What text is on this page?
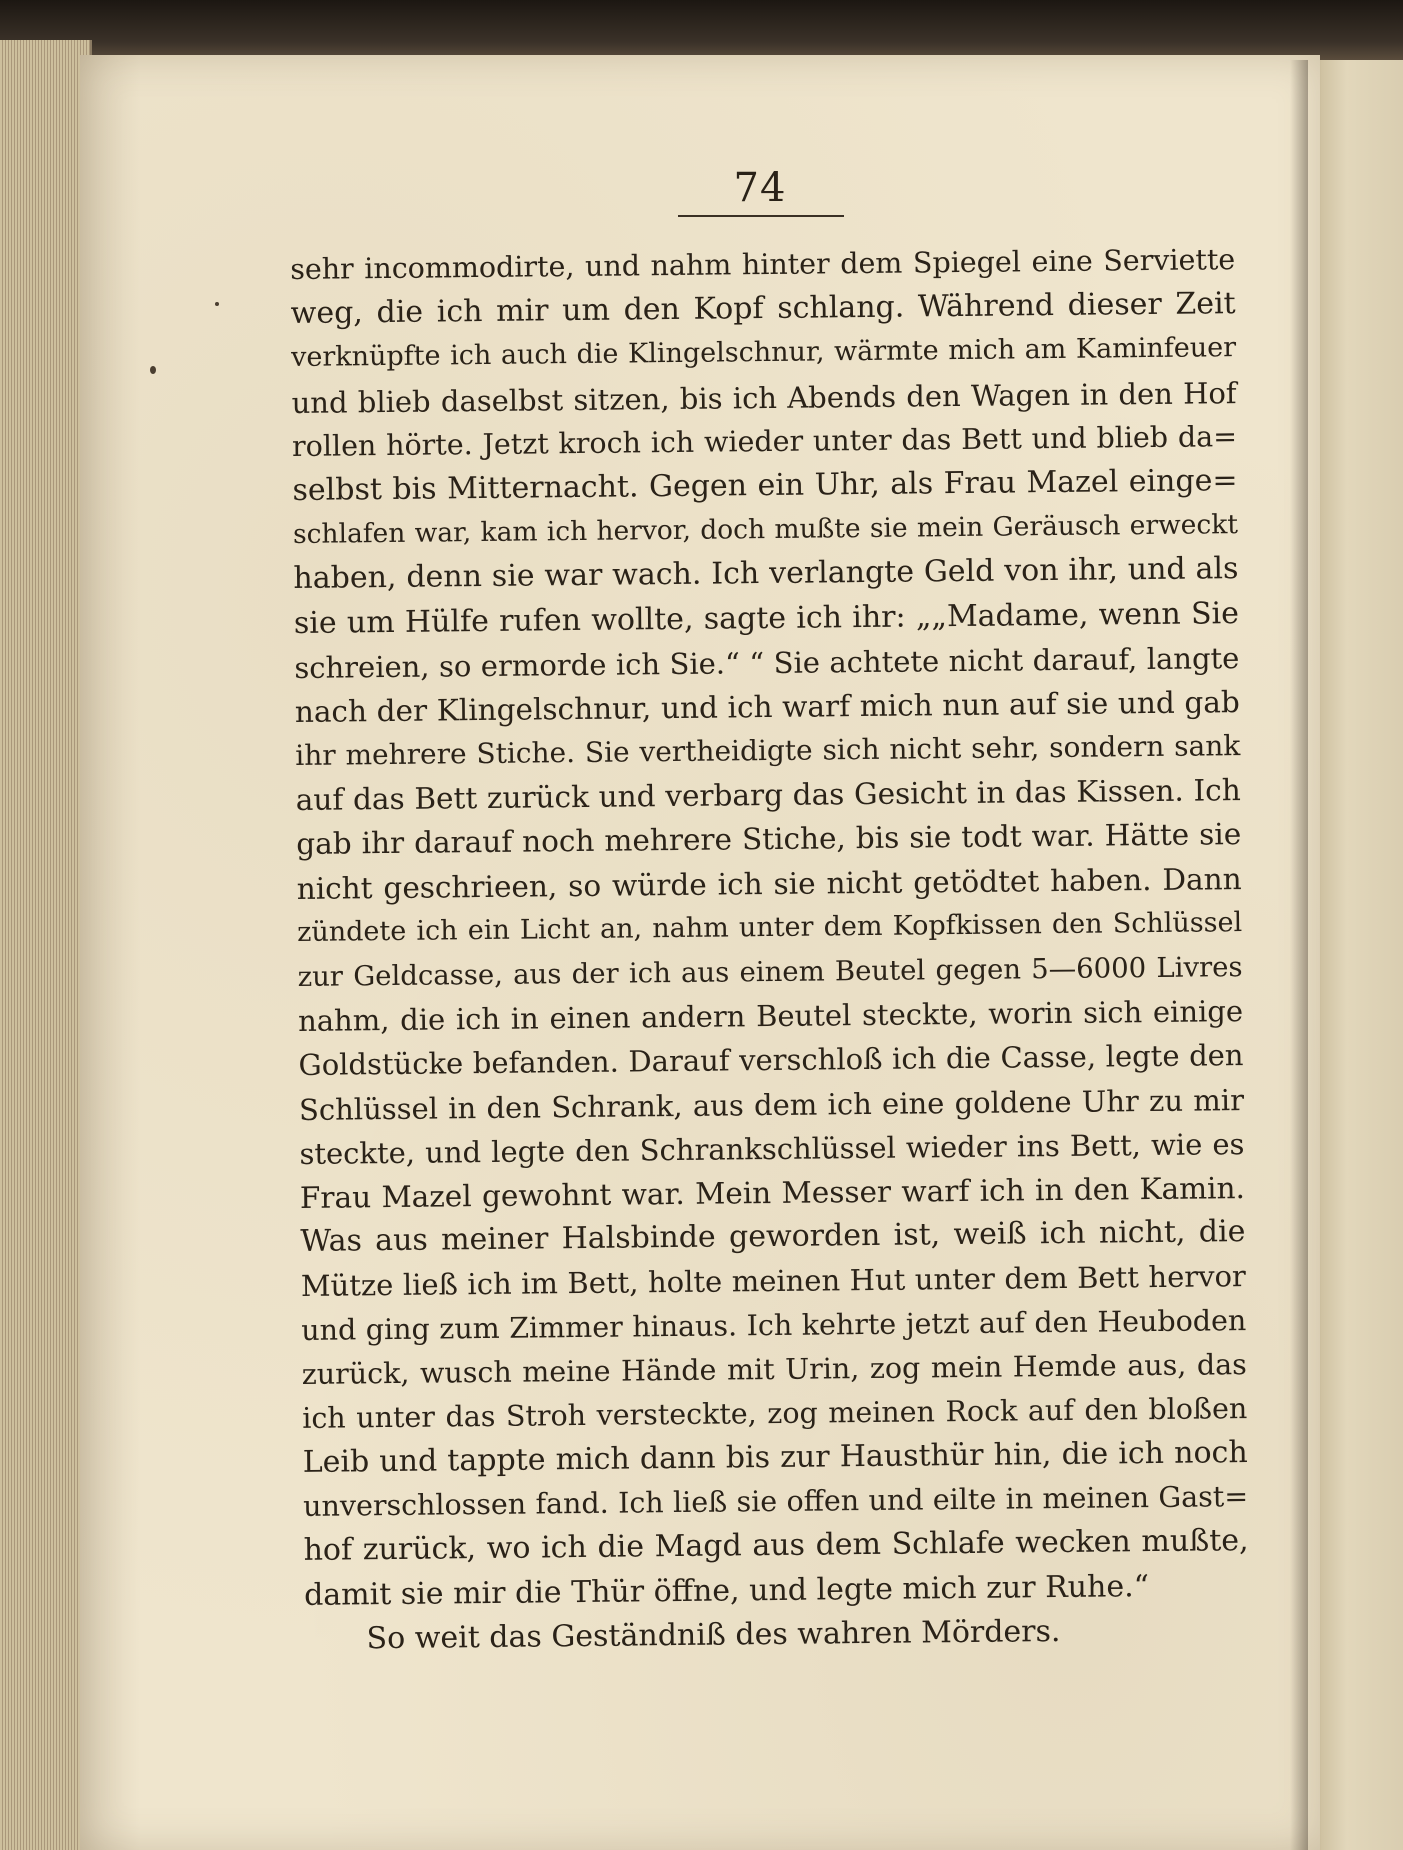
74
sehr incommodirte, und nahm hinter dem Spiegel eine Serviette
weg, die ich mir um den Kopf schlang. Während dieser Zeit
verknüpfte ich auch die Klingelschnur, wärmte mich am Kaminfeuer
und blieb daselbst sitzen, bis ich Abends den Wagen in den Hof
rollen hörte. Jetzt kroch ich wieder unter das Bett und blieb da=
selbst bis Mitternacht. Gegen ein Uhr, als Frau Mazel einge=
schlafen war, kam ich hervor, doch mußte sie mein Geräusch erweckt
haben, denn sie war wach. Ich verlangte Geld von ihr, und als
sie um Hülfe rufen wollte, sagte ich ihr: „„Madame, wenn Sie
schreien, so ermorde ich Sie.“ “ Sie achtete nicht darauf, langte
nach der Klingelschnur, und ich warf mich nun auf sie und gab
ihr mehrere Stiche. Sie vertheidigte sich nicht sehr, sondern sank
auf das Bett zurück und verbarg das Gesicht in das Kissen. Ich
gab ihr darauf noch mehrere Stiche, bis sie todt war. Hätte sie
nicht geschrieen, so würde ich sie nicht getödtet haben. Dann
zündete ich ein Licht an, nahm unter dem Kopfkissen den Schlüssel
zur Geldcasse, aus der ich aus einem Beutel gegen 5—6000 Livres
nahm, die ich in einen andern Beutel steckte, worin sich einige
Goldstücke befanden. Darauf verschloß ich die Casse, legte den
Schlüssel in den Schrank, aus dem ich eine goldene Uhr zu mir
steckte, und legte den Schrankschlüssel wieder ins Bett, wie es
Frau Mazel gewohnt war. Mein Messer warf ich in den Kamin.
Was aus meiner Halsbinde geworden ist, weiß ich nicht, die
Mütze ließ ich im Bett, holte meinen Hut unter dem Bett hervor
und ging zum Zimmer hinaus. Ich kehrte jetzt auf den Heuboden
zurück, wusch meine Hände mit Urin, zog mein Hemde aus, das
ich unter das Stroh versteckte, zog meinen Rock auf den bloßen
Leib und tappte mich dann bis zur Hausthür hin, die ich noch
unverschlossen fand. Ich ließ sie offen und eilte in meinen Gast=
hof zurück, wo ich die Magd aus dem Schlafe wecken mußte,
damit sie mir die Thür öffne, und legte mich zur Ruhe.“
So weit das Geständniß des wahren Mörders.
